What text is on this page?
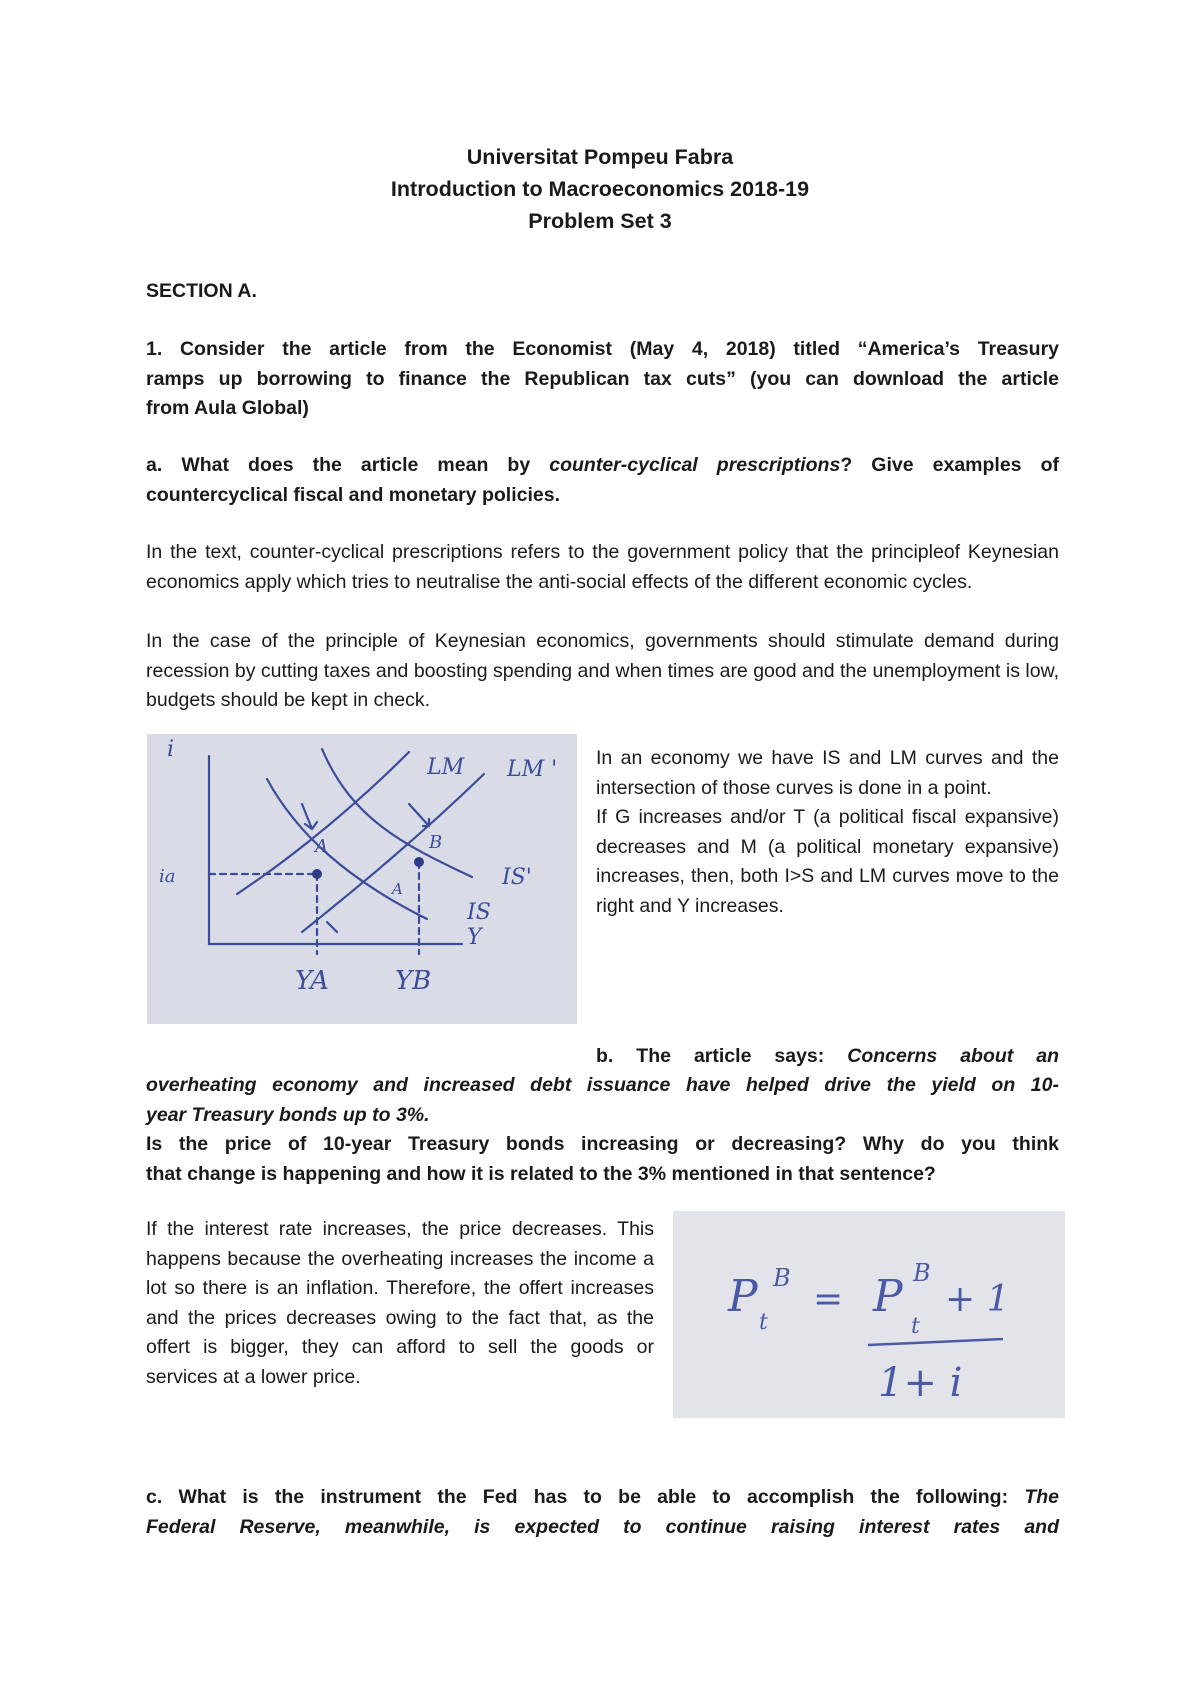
Universitat Pompeu Fabra
Introduction to Macroeconomics 2018-19
Problem Set 3
SECTION A.
1. Consider the article from the Economist (May 4, 2018) titled “America’s Treasury
ramps up borrowing to finance the Republican tax cuts” (you can download the article
from Aula Global)
a. What does the article mean by counter-cyclical prescriptions? Give examples of
countercyclical fiscal and monetary policies.
In the text, counter-cyclical prescriptions refers to the government policy that the principleof Keynesian economics apply which tries to neutralise the anti-social effects of the different economic cycles.
In the case of the principle of Keynesian economics, governments should stimulate demand during recession by cutting taxes and boosting spending and when times are good and the unemployment is low, budgets should be kept in check.
i
ia
LM LM '
A	B
IS'
IS
Y
YA	YB
A
In an economy we have IS and LM curves and the intersection of those curves is done in a point.
If G increases and/or T (a political fiscal expansive) decreases and M (a political monetary expansive) increases, then, both I>S and LM curves move to the right and Y increases.
b. The article says: Concerns about an
overheating economy and increased debt issuance have helped drive the yield on 10-
year Treasury bonds up to 3%.
Is the price of 10-year Treasury bonds increasing or decreasing? Why do you think
that change is happening and how it is related to the 3% mentioned in that sentence?
If the interest rate increases, the price decreases. This happens because the overheating increases the income a lot so there is an inflation. Therefore, the offert increases and the prices decreases owing to the fact that, as the offert is bigger, they can afford to sell the goods or services at a lower price.
P
t
B
= P
t
B
+ 1
1+ i
c. What is the instrument the Fed has to be able to accomplish the following: The
Federal Reserve, meanwhile, is expected to continue raising interest rates and
